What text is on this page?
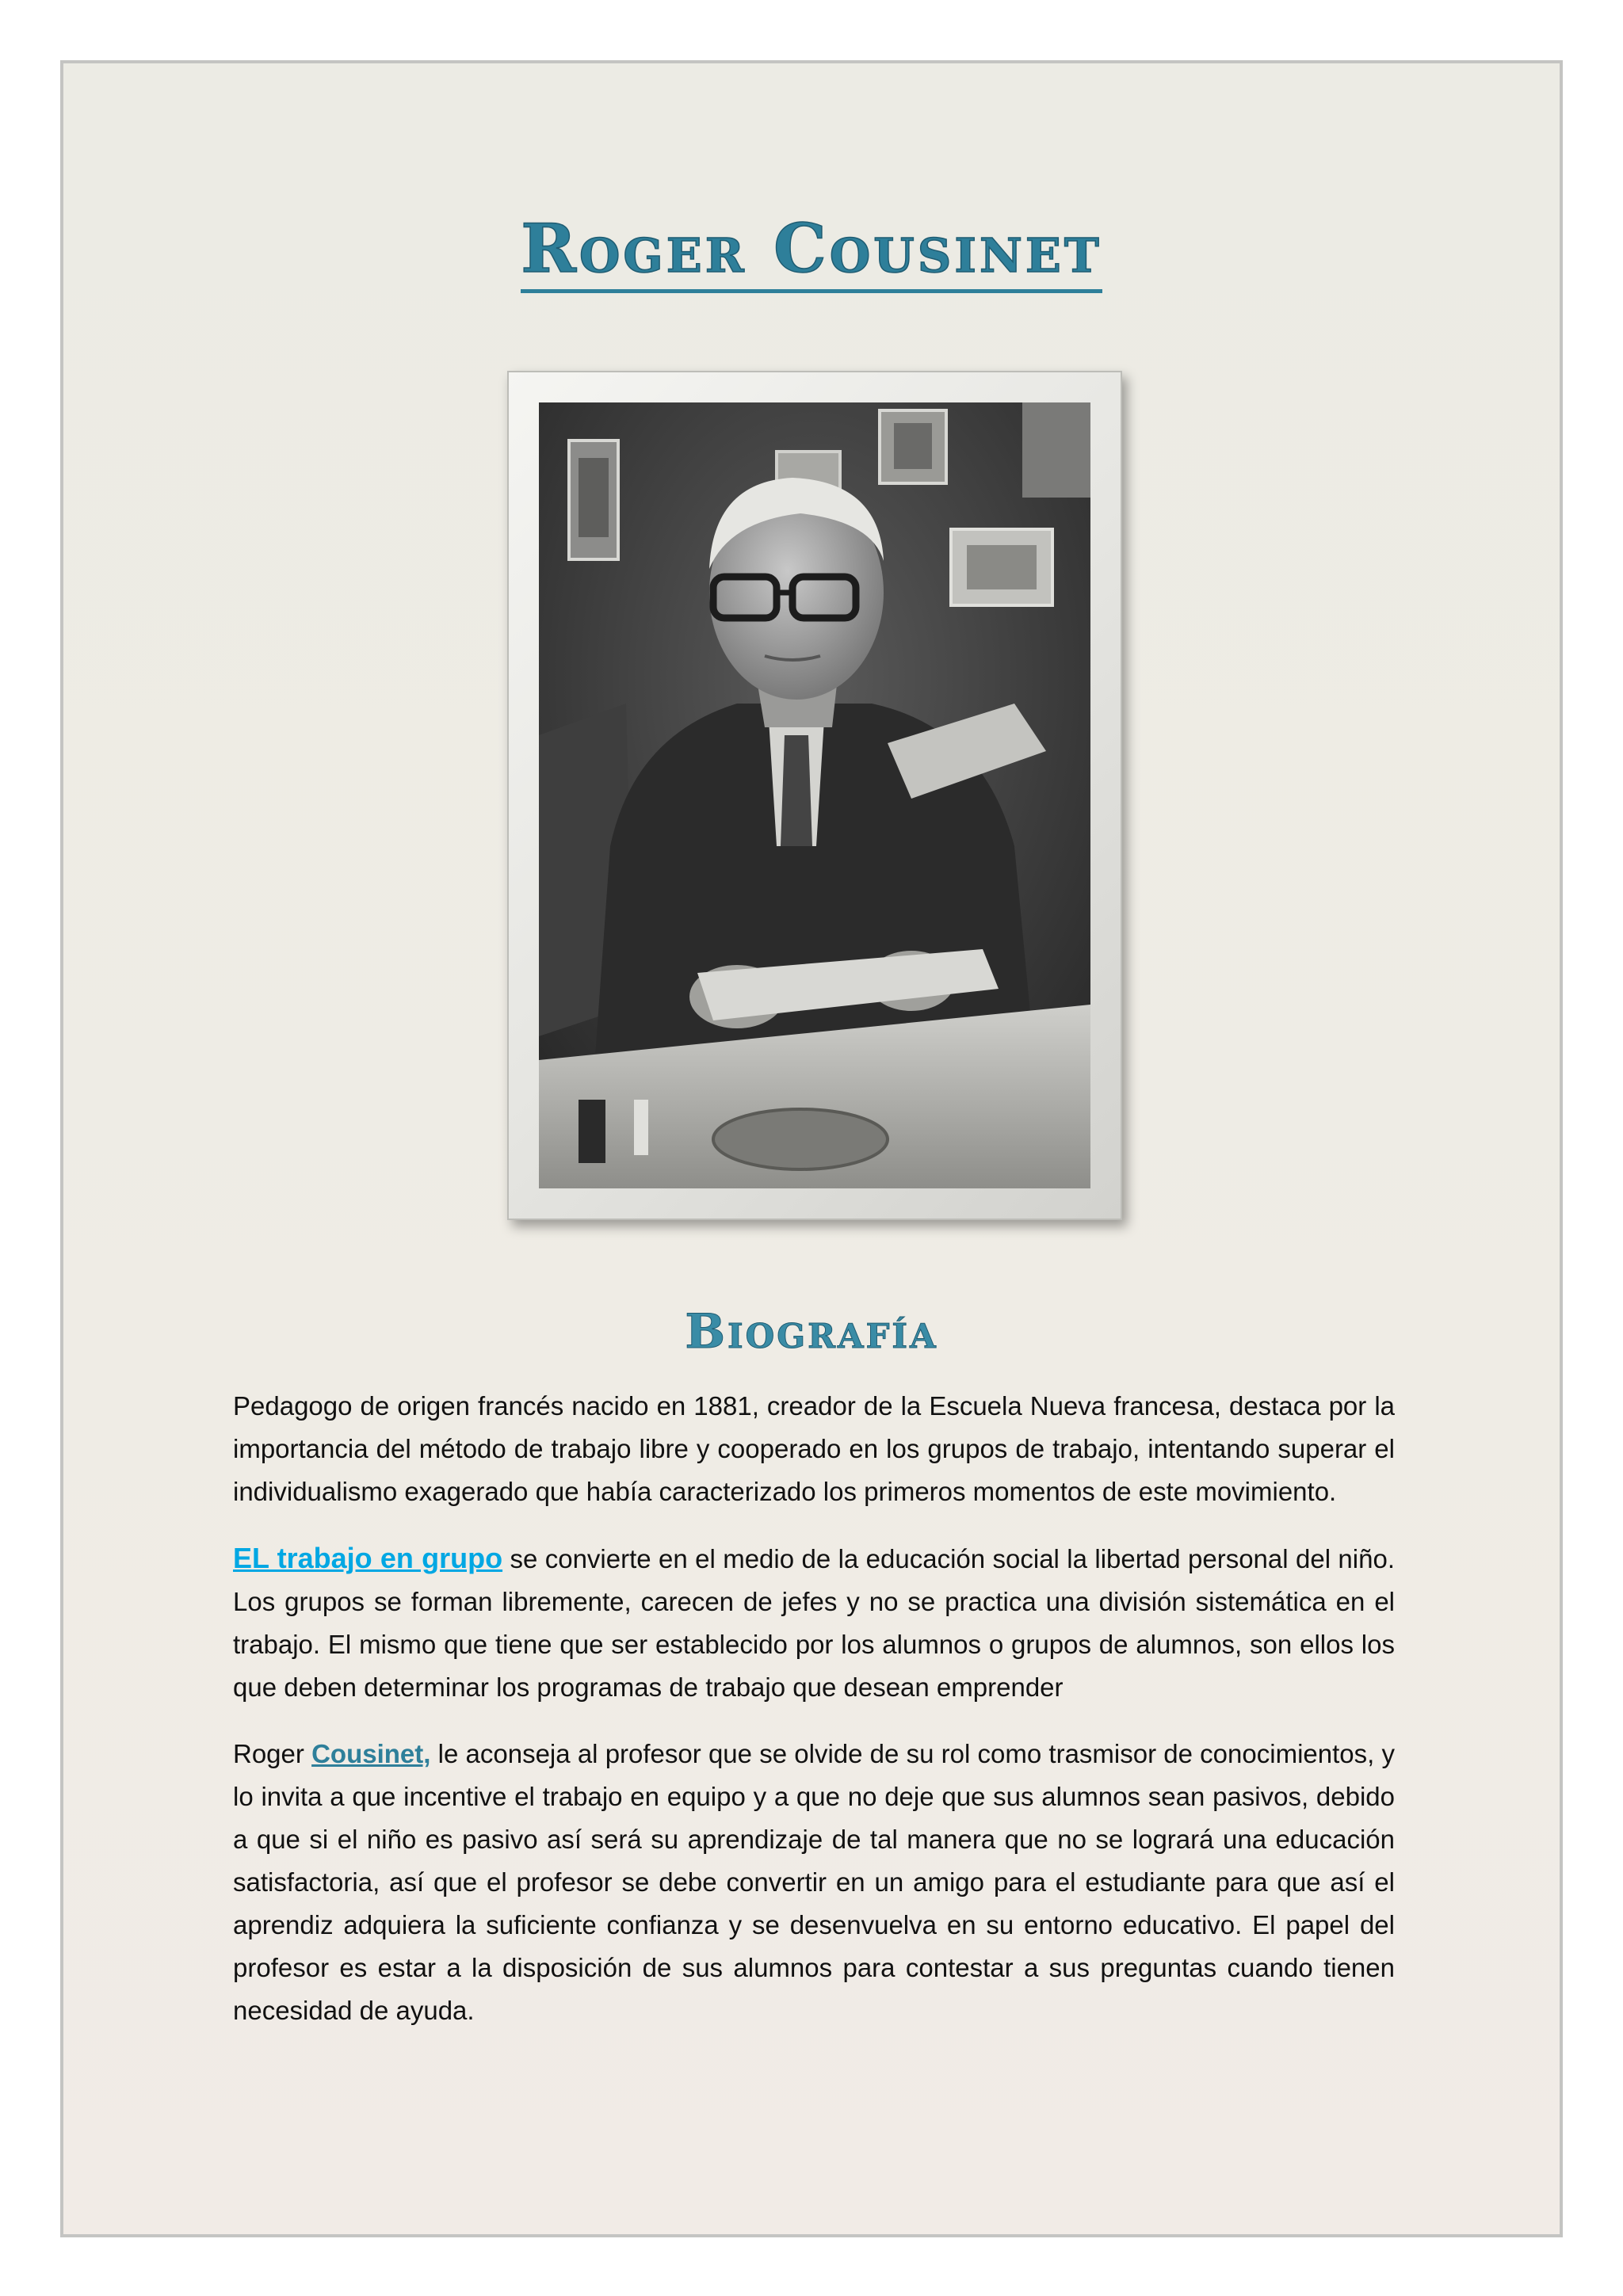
Roger Cousinet
Biografía

Pedagogo de origen francés nacido en 1881, creador de la Escuela Nueva francesa, destaca por la importancia del método de trabajo libre y cooperado en los grupos de trabajo, intentando superar el individualismo exagerado que había caracterizado los primeros momentos de este movimiento.

EL trabajo en grupo se convierte en el medio de la educación social la libertad personal del niño. Los grupos se forman libremente, carecen de jefes y no se practica una división sistemática en el trabajo. El mismo que tiene que ser establecido por los alumnos o grupos de alumnos, son ellos los que deben determinar los programas de trabajo que desean emprender

Roger Cousinet, le aconseja al profesor que se olvide de su rol como trasmisor de conocimientos, y lo invita a que incentive el trabajo en equipo y a que no deje que sus alumnos sean pasivos, debido a que si el niño es pasivo así será su aprendizaje de tal manera que no se logrará una educación satisfactoria, así que el profesor se debe convertir en un amigo para el estudiante para que así el aprendiz adquiera la suficiente confianza y se desenvuelva en su entorno educativo. El papel del profesor es estar a la disposición de sus alumnos para contestar a sus preguntas cuando tienen necesidad de ayuda.
